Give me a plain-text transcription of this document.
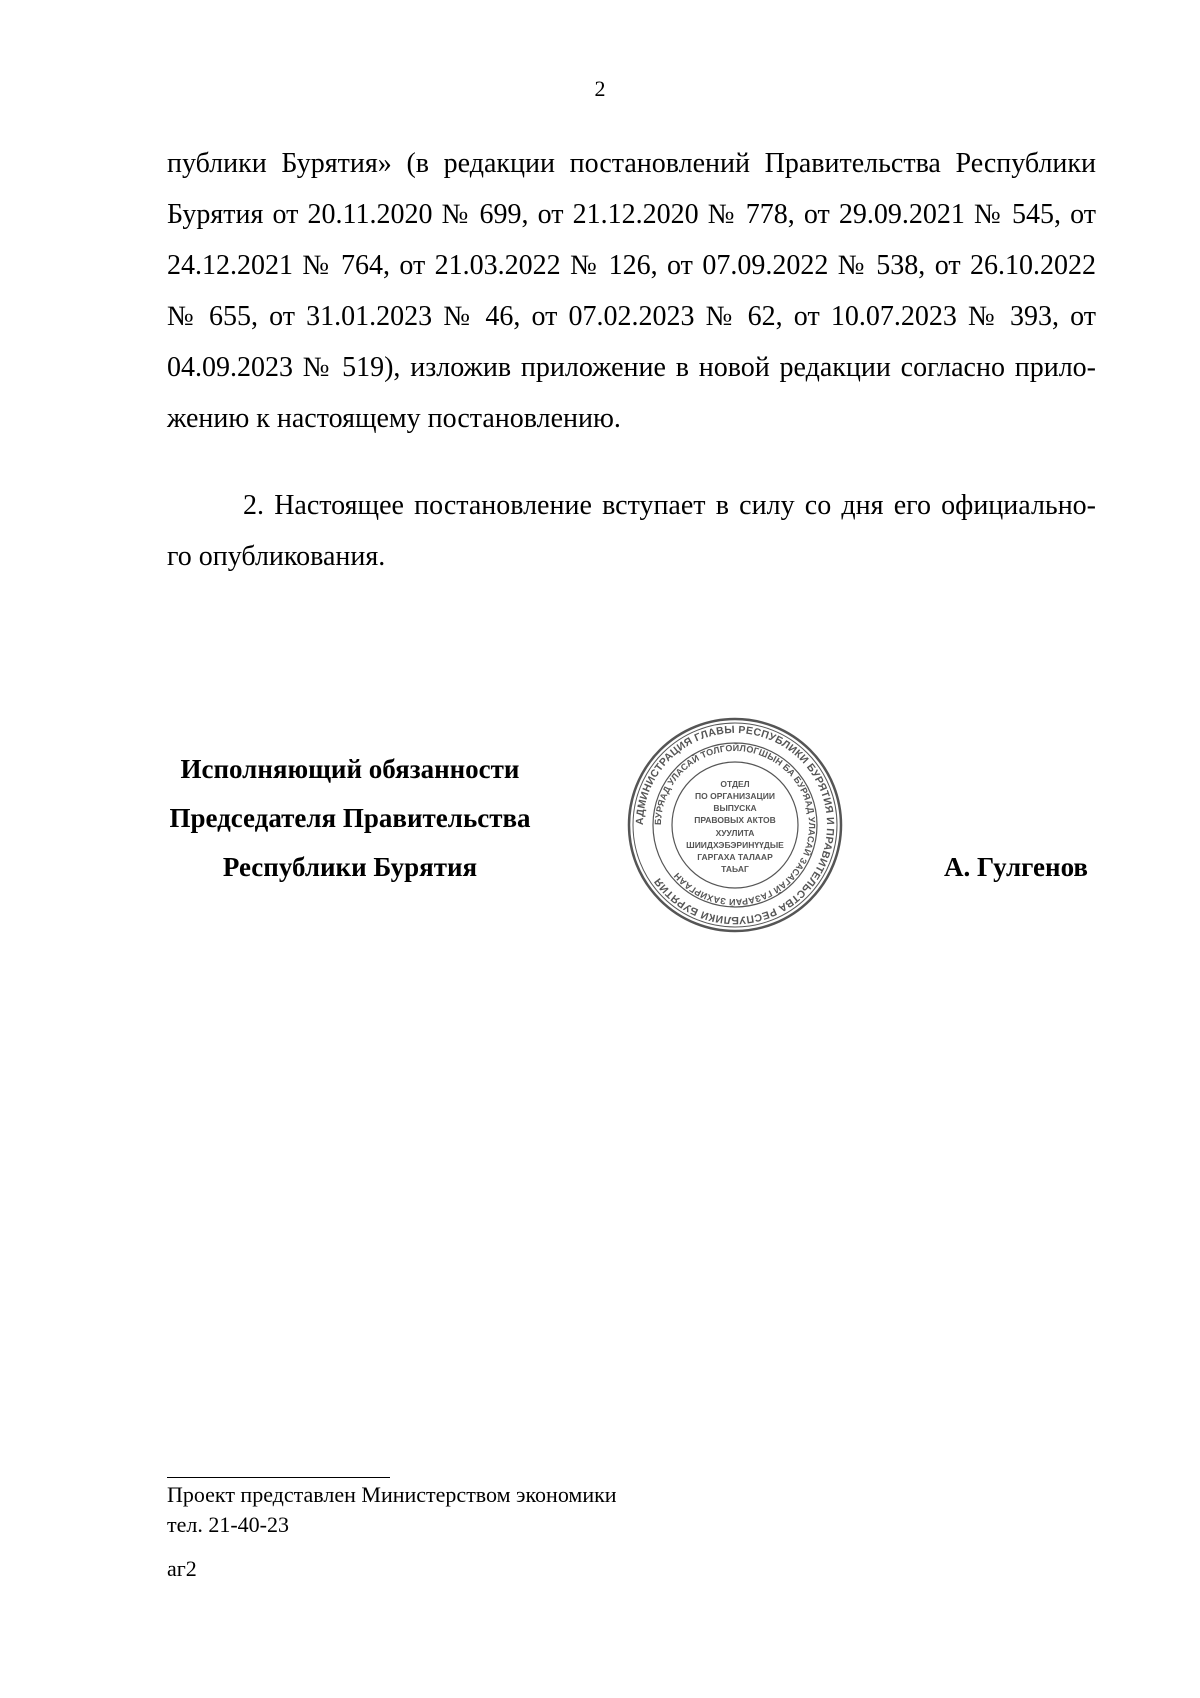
2
публики Бурятия» (в редакции постановлений Правительства Республики
Бурятия от 20.11.2020 № 699, от 21.12.2020 № 778, от 29.09.2021 № 545, от
24.12.2021 № 764, от 21.03.2022 № 126, от 07.09.2022 № 538, от 26.10.2022
№ 655, от 31.01.2023 № 46, от 07.02.2023 № 62, от 10.07.2023 № 393, от
04.09.2023 № 519), изложив приложение в новой редакции согласно прило-
жению к настоящему постановлению.
2. Настоящее постановление вступает в силу со дня его официально-
го опубликования.
Исполняющий обязанности
Председателя Правительства
Республики Бурятия
АДМИНИСТРАЦИЯ ГЛАВЫ РЕСПУБЛИКИ БУРЯТИЯ И ПРАВИТЕЛЬСТВА РЕСПУБЛИКИ БУРЯТИЯ
БУРЯАД УЛАСАЙ ТОЛГОЙЛОГШЫН БА БУРЯАД УЛАСАЙ ЗАСАГАЙ ГАЗАРАЙ ЗАХИРГААН
ОТДЕЛ
ПО ОРГАНИЗАЦИИ
ВЫПУСКА
ПРАВОВЫХ АКТОВ
ХУУЛИТА
ШИИДХЭБЭРИНҮҮДЫЕ
ГАРГАХА ТАЛААР
ТАЬАГ	А. Гулгенов
Проект представлен Министерством экономики
тел. 21-40-23
аг2
